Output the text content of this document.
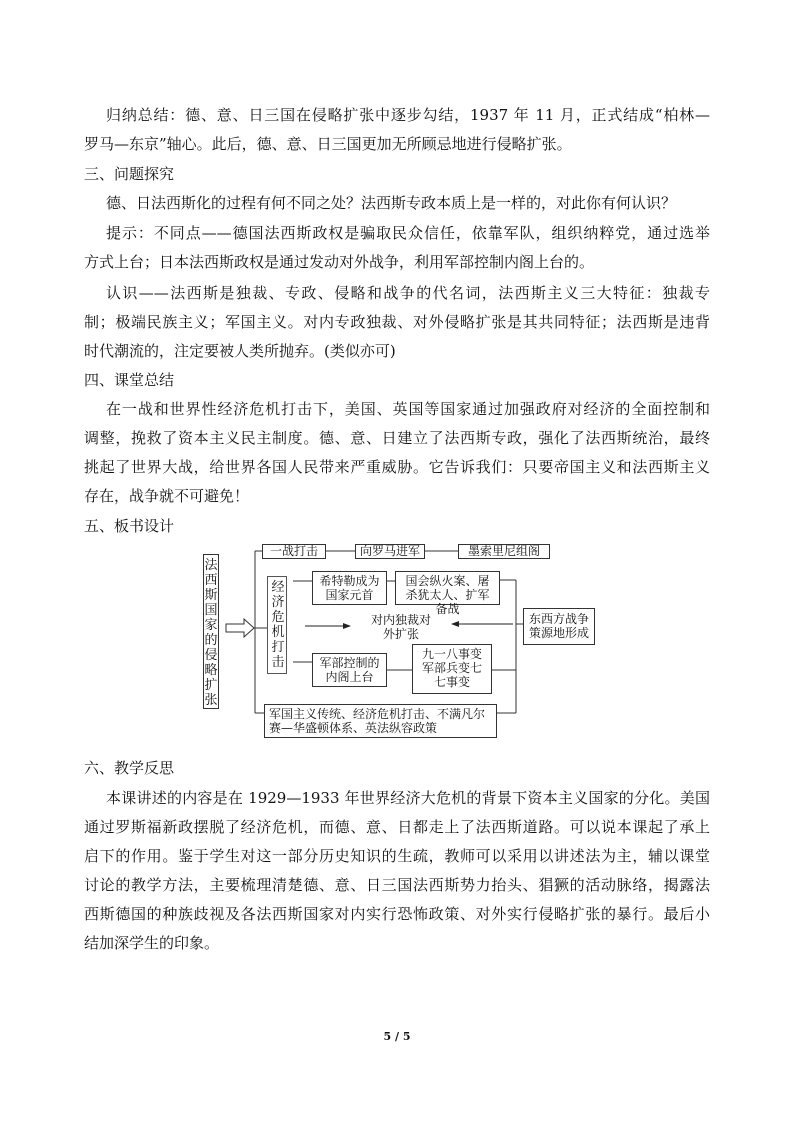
归纳总结：德、意、日三国在侵略扩张中逐步勾结，1937 年 11 月，正式结成“柏林—
罗马—东京”轴心。此后，德、意、日三国更加无所顾忌地进行侵略扩张。
三、问题探究
德、日法西斯化的过程有何不同之处？法西斯专政本质上是一样的，对此你有何认识？
提示：不同点——德国法西斯政权是骗取民众信任，依靠军队，组织纳粹党，通过选举
方式上台；日本法西斯政权是通过发动对外战争，利用军部控制内阁上台的。
认识——法西斯是独裁、专政、侵略和战争的代名词，法西斯主义三大特征：独裁专
制；极端民族主义；军国主义。对内专政独裁、对外侵略扩张是其共同特征；法西斯是违背
时代潮流的，注定要被人类所抛弃。(类似亦可)
四、课堂总结
在一战和世界性经济危机打击下，美国、英国等国家通过加强政府对经济的全面控制和
调整，挽救了资本主义民主制度。德、意、日建立了法西斯专政，强化了法西斯统治，最终
挑起了世界大战，给世界各国人民带来严重威胁。它告诉我们：只要帝国主义和法西斯主义
存在，战争就不可避免！
五、板书设计
法西斯国家的侵略扩张
经济危机打击
一战打击	向罗马进军	墨索里尼组阁
希特勒成为国家元首
国会纵火案、屠杀犹太人、扩军备战
东西方战争策源地形成
对内独裁对外扩张
军部控制的内阁上台
九一八事变军部兵变七七事变
军国主义传统、经济危机打击、不满凡尔赛—华盛顿体系、英法纵容政策
六、教学反思
本课讲述的内容是在 1929—1933 年世界经济大危机的背景下资本主义国家的分化。美国
通过罗斯福新政摆脱了经济危机，而德、意、日都走上了法西斯道路。可以说本课起了承上
启下的作用。鉴于学生对这一部分历史知识的生疏，教师可以采用以讲述法为主，辅以课堂
讨论的教学方法，主要梳理清楚德、意、日三国法西斯势力抬头、猖獗的活动脉络，揭露法
西斯德国的种族歧视及各法西斯国家对内实行恐怖政策、对外实行侵略扩张的暴行。最后小
结加深学生的印象。
5 / 5
